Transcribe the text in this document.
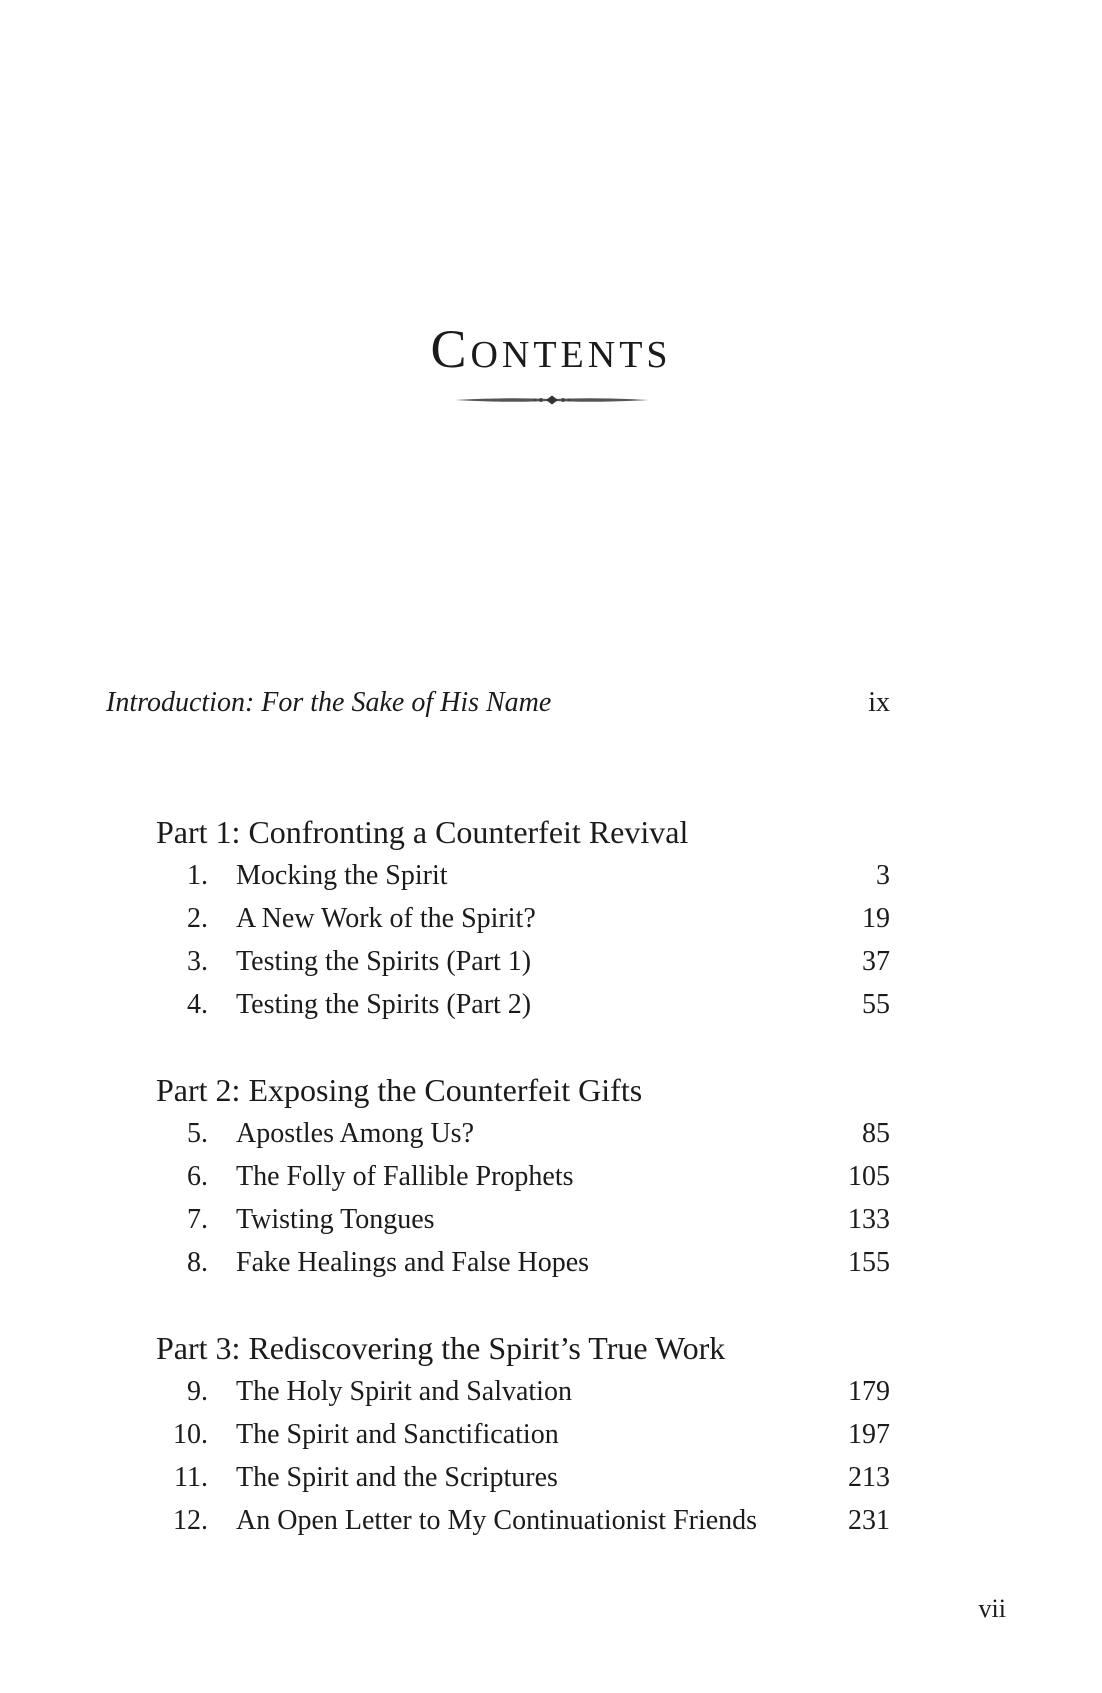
Contents
Introduction: For the Sake of His Name	ix
Part 1: Confronting a Counterfeit Revival
1. Mocking the Spirit	3
2. A New Work of the Spirit?	19
3. Testing the Spirits (Part 1)	37
4. Testing the Spirits (Part 2)	55
Part 2: Exposing the Counterfeit Gifts
5. Apostles Among Us?	85
6. The Folly of Fallible Prophets	105
7. Twisting Tongues	133
8. Fake Healings and False Hopes	155
Part 3: Rediscovering the Spirit’s True Work
9. The Holy Spirit and Salvation	179
10. The Spirit and Sanctification	197
11. The Spirit and the Scriptures	213
12. An Open Letter to My Continuationist Friends	231
vii
